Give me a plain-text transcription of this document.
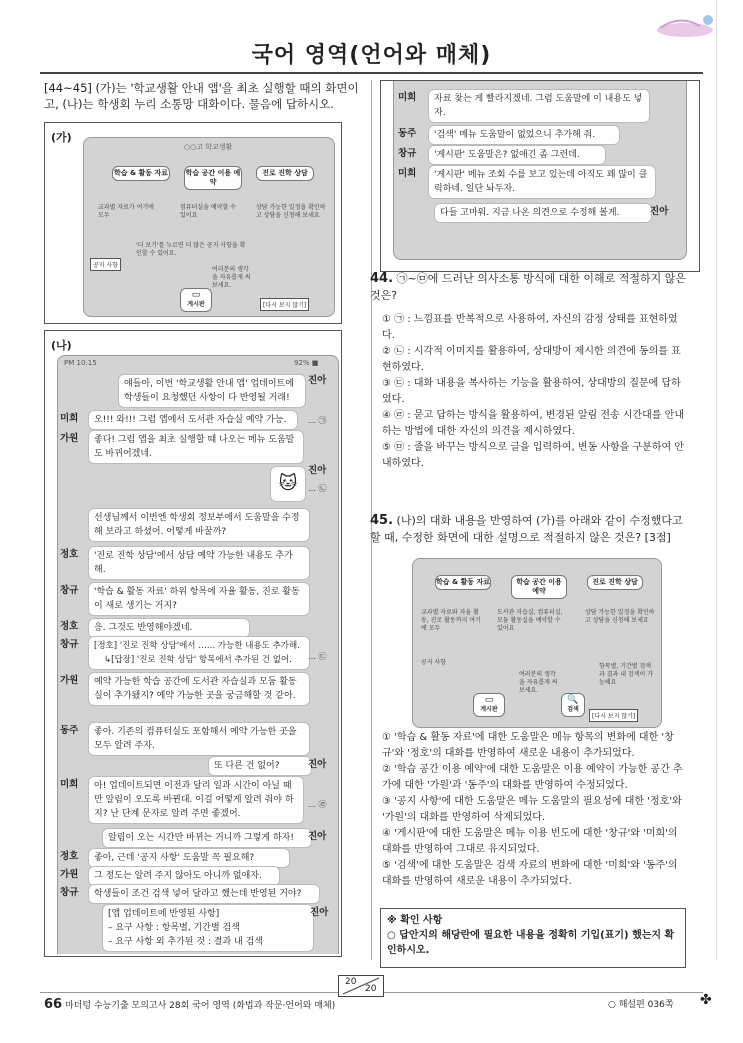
국어 영역(언어와 매체)
[44~45] (가)는 '학교생활 안내 앱'을 최초 실행할 때의 화면이고, (나)는 학생회 누리 소통망 대화이다. 물음에 답하시오.
(가)
○○고 학교생활
학습 & 활동 자료	학습 공간 이용 예약
진로 진학 상담
교과별 자료가 여기에 모두
컴퓨터실을 예약할 수 있어요
상담 가능한 일정을 확인하고 상담을 신청해 보세요
'더 보기'를 누르면 더 많은 공지 사항을 확인할 수 있어요.
공지 사항
여러분의 생각을 자유롭게 써 보세요.
▭
게시판	[다시 보지 않기]
(나)
PM 10:15	92% ■
얘들아, 이번 '학교생활 안내 앱' 업데이트에 학생들이 요청했던 사항이 다 반영될 거래!
진아
미희	오!!! 와!!! 그럼 앱에서 도서관 자습실 예약 가능.	… ㉠
가원	좋다! 그럼 앱을 최초 실행할 때 나오는 메뉴 도움말도 바뀌어겠네.
진아
🐱	… ㉡
선생님께서 이번엔 학생회 정보부에서 도움말을 수정해 보라고 하셨어. 어떻게 바꿀까?
정호	'진로 진학 상담'에서 상담 예약 가능한 내용도 추가해.
창규	'학습 & 활동 자료' 하위 항목에 자율 활동, 진로 활동이 새로 생기는 거지?
정호	응. 그것도 반영해야겠네.
창규 [정호] '진로 진학 상담'에서 …… 가능한 내용도 추가해.
↳[답장] '진로 진학 상담' 항목에서 추가된 건 없어.	… ㉢
가원	예약 가능한 학습 공간에 도서관 자습실과 모둠 활동실이 추가됐지? 예약 가능한 곳을 궁금해할 것 같아.
동주	좋아. 기존의 컴퓨터실도 포함해서 예약 가능한 곳을 모두 알려 주자.
또 다른 건 없어?	진아
미희	아! 업데이트되면 이전과 달리 일과 시간이 아닐 때만 알림이 오도록 바뀐대. 이걸 어떻게 알려 줘야 하지? 난 단계 문자로 알려 주면 좋겠어.
… ㉣
알림이 오는 시간만 바뀌는 거니까 그렇게 하자!	진아
정호	좋아, 근데 '공지 사항' 도움말 꼭 필요해?
가원	그 정도는 알려 주지 않아도 아니까 없애자.
창규	학생들이 조건 검색 넣어 달라고 했는데 반영된 거야?
[앱 업데이트에 반영된 사항]
– 요구 사항 : 항목별, 기간별 검색
– 요구 사항 외 추가된 것 : 결과 내 검색
진아
미희	자료 찾는 게 빨라지겠네. 그럼 도움말에 이 내용도 넣자.
동주	'검색' 메뉴 도움말이 없었으니 추가해 줘.
창규	'게시판' 도움말은? 없애긴 좀 그런데.
미희	'게시판' 메뉴 조회 수를 보고 있는데 아직도 꽤 많이 클릭하네. 일단 놔두자.
다들 고마워. 지금 나온 의견으로 수정해 볼게.	진아
44. ㉠~㉤에 드러난 의사소통 방식에 대한 이해로 적절하지 않은 것은?
① ㉠ : 느낌표를 반복적으로 사용하여, 자신의 감정 상태를 표현하였다.
② ㉡ : 시각적 이미지를 활용하여, 상대방이 제시한 의견에 동의를 표현하였다.
③ ㉢ : 대화 내용을 복사하는 기능을 활용하여, 상대방의 질문에 답하였다.
④ ㉣ : 묻고 답하는 방식을 활용하여, 변경된 알림 전송 시간대를 안내하는 방법에 대한 자신의 의견을 제시하였다.
⑤ ㉤ : 줄을 바꾸는 방식으로 글을 입력하여, 변동 사항을 구분하여 안내하였다.
45. (나)의 대화 내용을 반영하여 (가)를 아래와 같이 수정했다고 할 때, 수정한 화면에 대한 설명으로 적절하지 않은 것은? [3점]
학습 & 활동 자료	학습 공간 이용 예약
진로 진학 상담
교과별 자료와 자율 활동, 진로 활동까지 여기에 모두
도서관 자습실, 컴퓨터실, 모둠 활동실을 예약할 수 있어요
상담 가능한 일정을 확인하고 상담을 신청해 보세요
공지 사항
여러분의 생각을 자유롭게 써 보세요.
항목별, 기간별 검색과 결과 내 검색이 가능해요
▭
게시판
🔍
검색
[다시 보지 않기]
① '학습 & 활동 자료'에 대한 도움말은 메뉴 항목의 변화에 대한 '창규'와 '정호'의 대화를 반영하여 새로운 내용이 추가되었다.
② '학습 공간 이용 예약'에 대한 도움말은 이용 예약이 가능한 공간 추가에 대한 '가원'과 '동주'의 대화를 반영하여 수정되었다.
③ '공지 사항'에 대한 도움말은 메뉴 도움말의 필요성에 대한 '정호'와 '가원'의 대화를 반영하여 삭제되었다.
④ '게시판'에 대한 도움말은 메뉴 이용 빈도에 대한 '창규'와 '미희'의 대화를 반영하여 그대로 유지되었다.
⑤ '검색'에 대한 도움말은 검색 자료의 변화에 대한 '미희'와 '동주'의 대화를 반영하여 새로운 내용이 추가되었다.
※ 확인 사항
○ 답안지의 해당란에 필요한 내용을 정확히 기입(표기) 했는지 확인하시오.
20
20
66 마더텅 수능기출 모의고사 28회 국어 영역 (화법과 작문·언어와 매체)	○ 해설편 036쪽 ✤
